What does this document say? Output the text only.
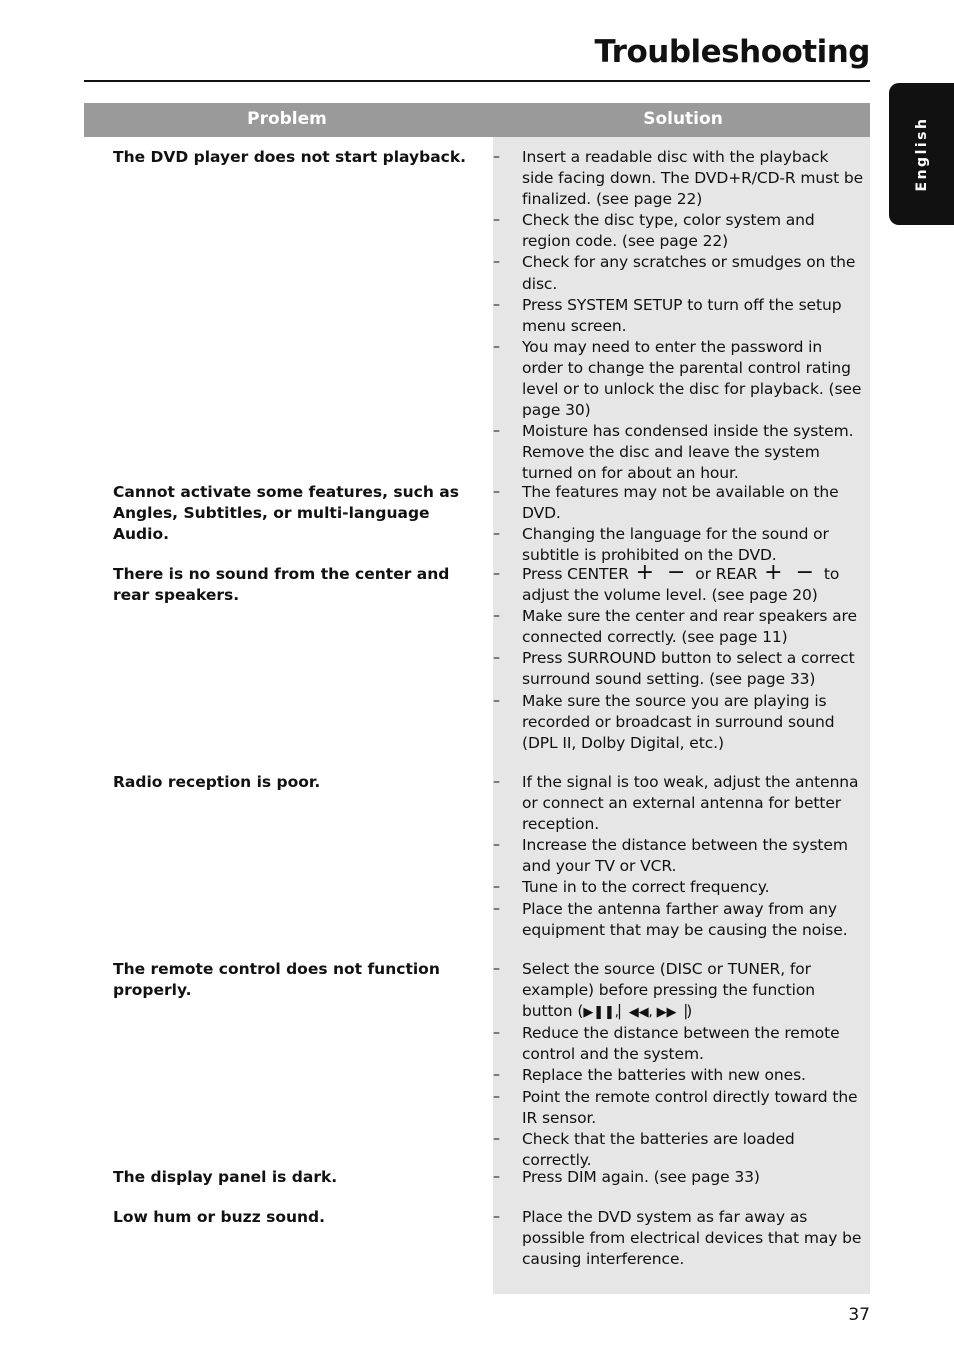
Troubleshooting
English
Problem	Solution
The DVD player does not start playback.	– Insert a readable disc with the playback side facing down. The DVD+R/CD-R must be finalized. (see page 22)
– Check the disc type, color system and region code. (see page 22)
– Check for any scratches or smudges on the disc.
– Press SYSTEM SETUP to turn off the setup menu screen.
– You may need to enter the password in order to change the parental control rating level or to unlock the disc for playback. (see page 30)
– Moisture has condensed inside the system. Remove the disc and leave the system turned on for about an hour.
Cannot activate some features, such as Angles, Subtitles, or multi-language Audio.
– The features may not be available on the DVD.
– Changing the language for the sound or subtitle is prohibited on the DVD.
There is no sound from the center and rear speakers.
– Press CENTER + − or REAR + − to adjust the volume level. (see page 20)
– Make sure the center and rear speakers are connected correctly. (see page 11)
– Press SURROUND button to select a correct surround sound setting. (see page 33)
– Make sure the source you are playing is recorded or broadcast in surround sound (DPL II, Dolby Digital, etc.)
Radio reception is poor.	– If the signal is too weak, adjust the antenna or connect an external antenna for better reception.
– Increase the distance between the system and your TV or VCR.
– Tune in to the correct frequency.
– Place the antenna farther away from any equipment that may be causing the noise.
The remote control does not function properly.
– Select the source (DISC or TUNER, for example) before pressing the function button (▶❚❚,▏◀◀, ▶▶▕)
– Reduce the distance between the remote control and the system.
– Replace the batteries with new ones.
– Point the remote control directly toward the IR sensor.
– Check that the batteries are loaded correctly.
The display panel is dark.	– Press DIM again. (see page 33)
Low hum or buzz sound.	– Place the DVD system as far away as possible from electrical devices that may be causing interference.
37
